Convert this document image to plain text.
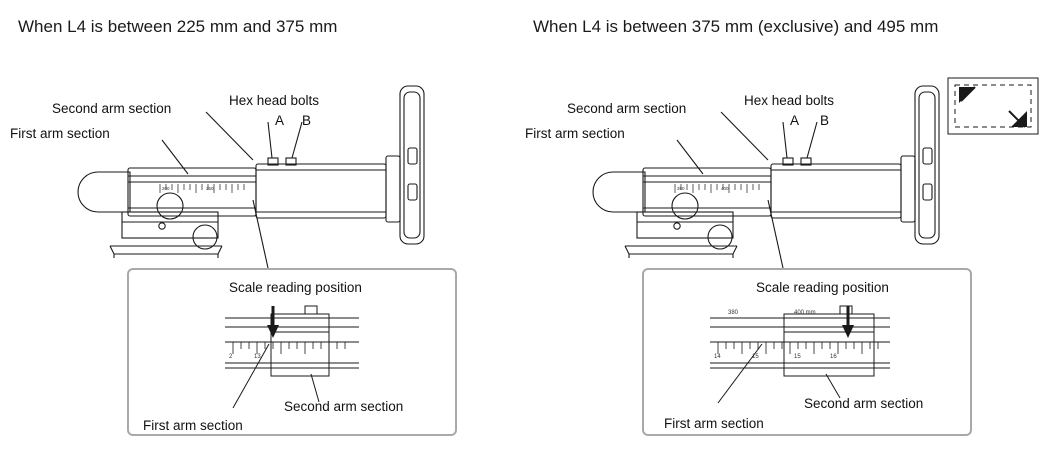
When L4 is between 225 mm and 375 mm
200	250
Second arm section
First arm section
Hex head bolts
A B
2	13
Scale reading position
Second arm section
First arm section
When L4 is between 375 mm (exclusive) and 495 mm
350	400
Second arm section
First arm section
Hex head bolts
A B
380	400 mm
14	15	15	16
Scale reading position
Second arm section
First arm section
